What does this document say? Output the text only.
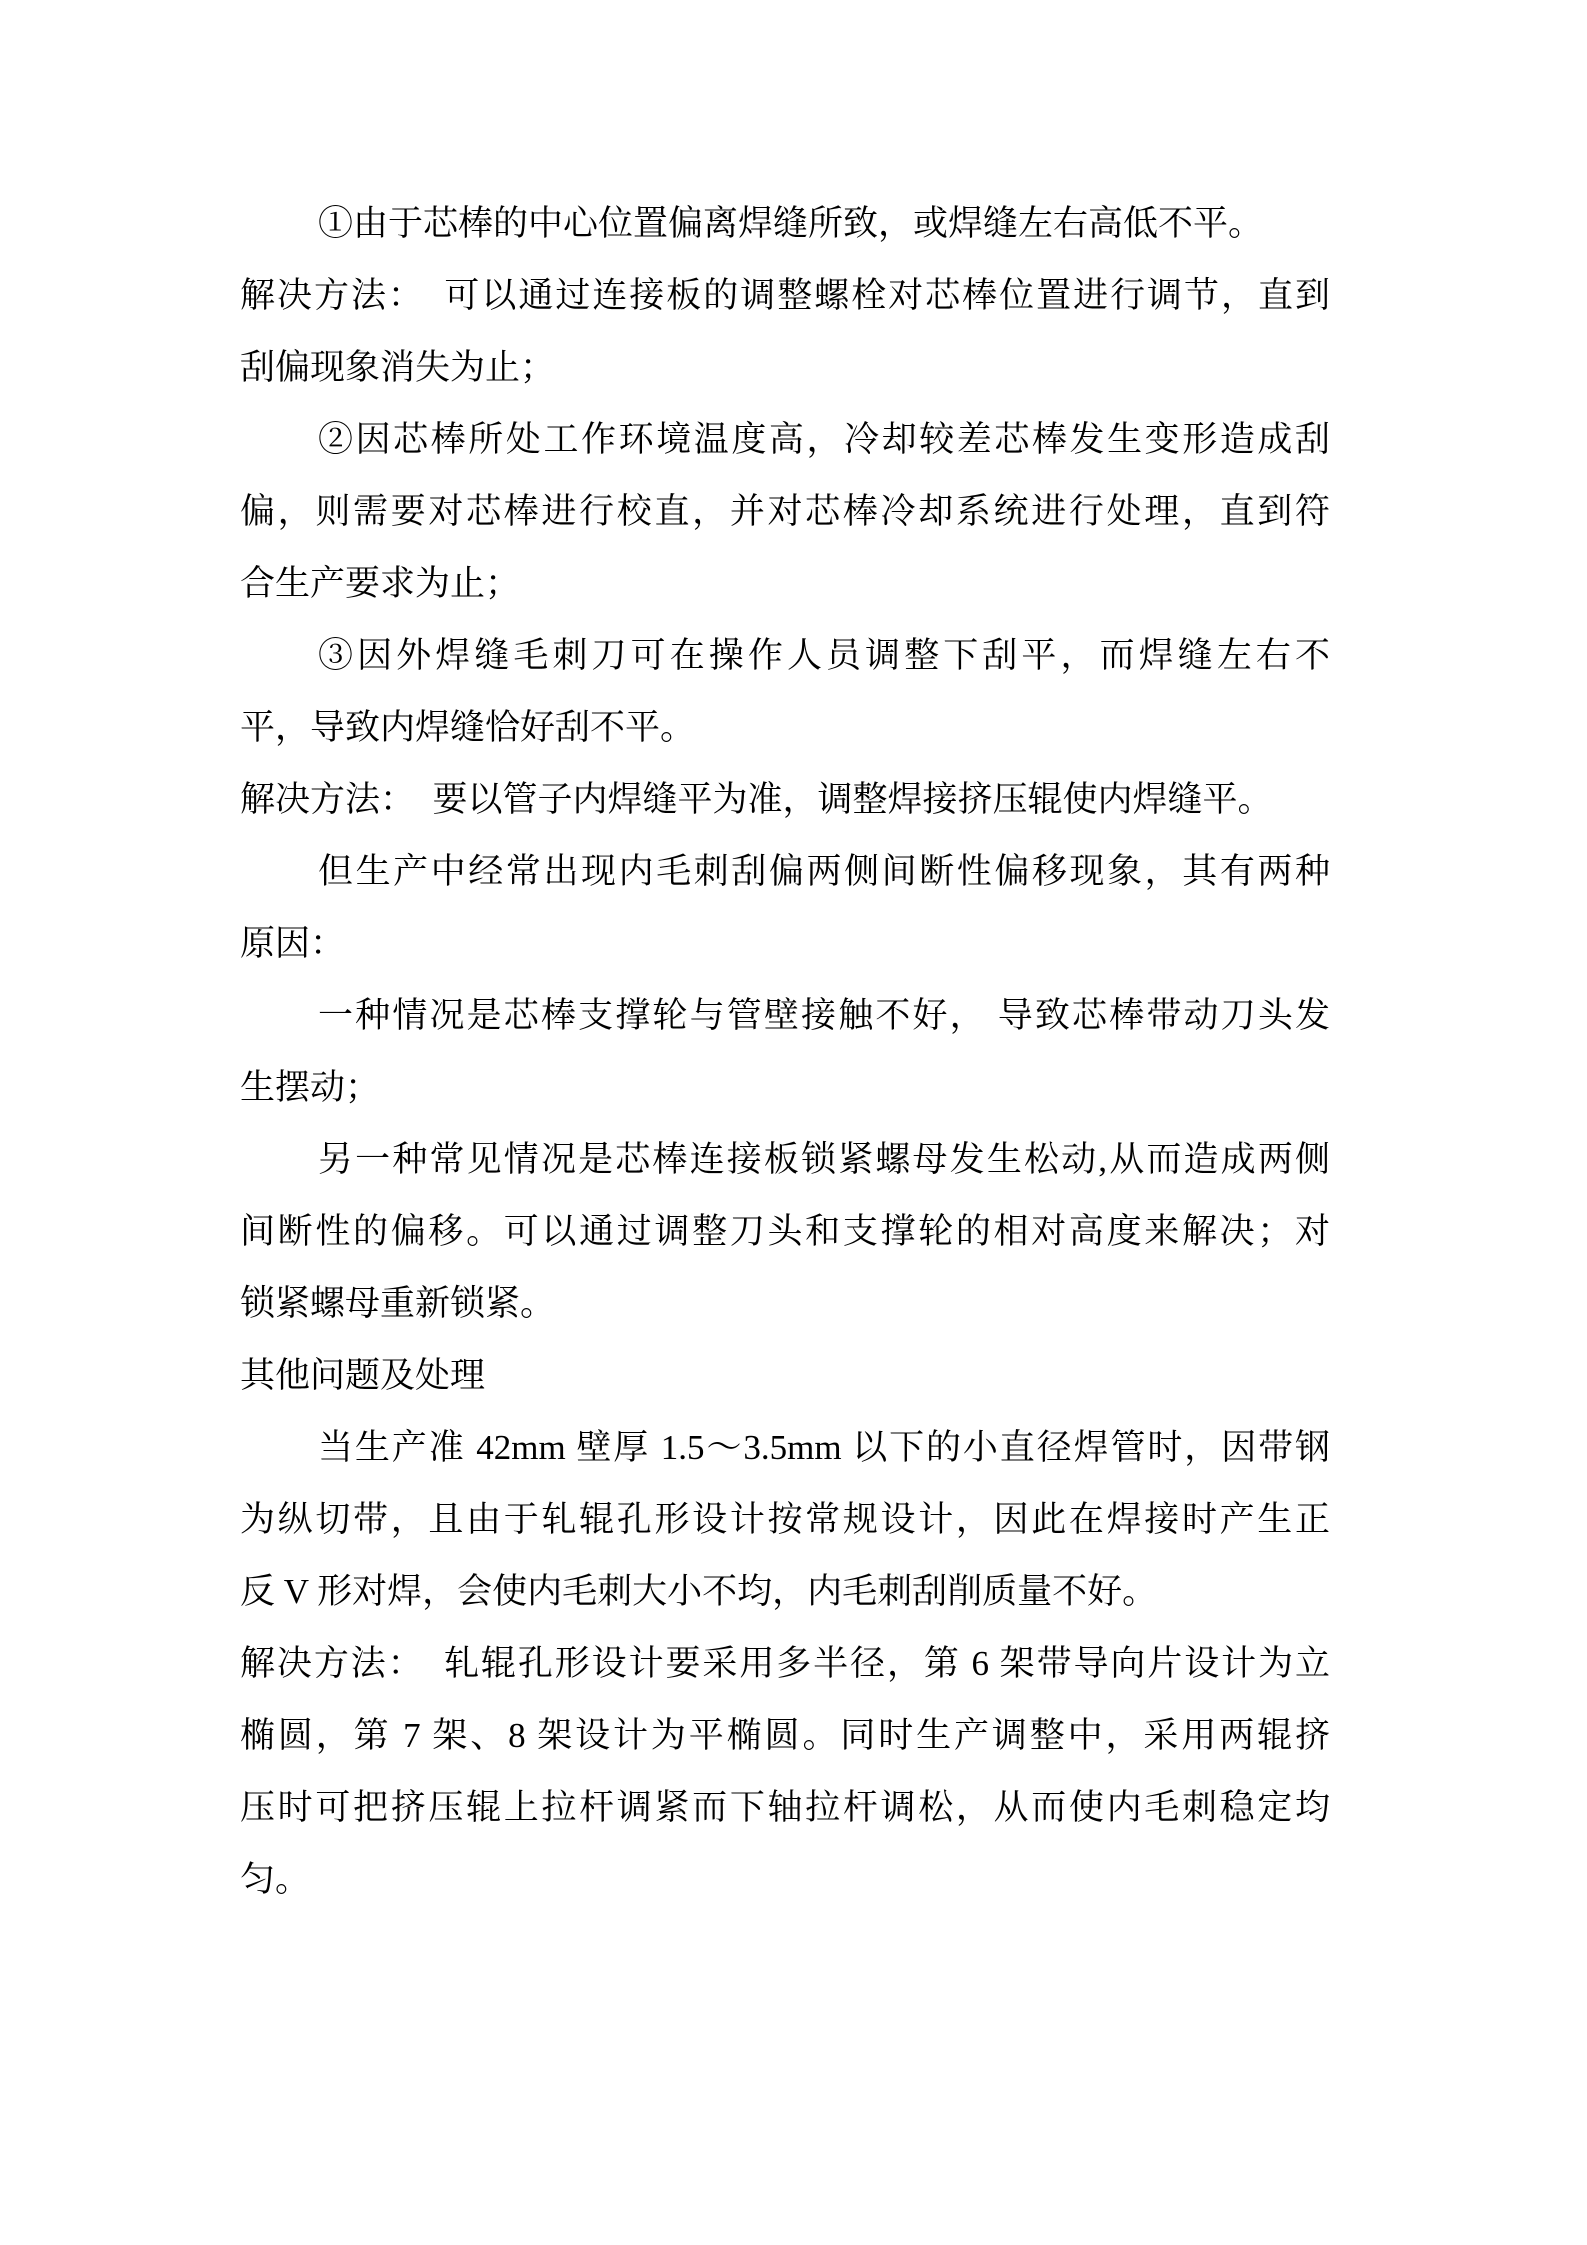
①由于芯棒的中心位置偏离焊缝所致，或焊缝左右高低不平。
解决方法：　可以通过连接板的调整螺栓对芯棒位置进行调节，直到
刮偏现象消失为止；
②因芯棒所处工作环境温度高，冷却较差芯棒发生变形造成刮
偏，则需要对芯棒进行校直，并对芯棒冷却系统进行处理，直到符
合生产要求为止；
③因外焊缝毛刺刀可在操作人员调整下刮平，而焊缝左右不
平，导致内焊缝恰好刮不平。
解决方法：　要以管子内焊缝平为准，调整焊接挤压辊使内焊缝平。
但生产中经常出现内毛刺刮偏两侧间断性偏移现象，其有两种
原因：
一种情况是芯棒支撑轮与管壁接触不好， 导致芯棒带动刀头发
生摆动；
另一种常见情况是芯棒连接板锁紧螺母发生松动,从而造成两侧
间断性的偏移。可以通过调整刀头和支撑轮的相对高度来解决；对
锁紧螺母重新锁紧。
其他问题及处理
当生产准 42mm 壁厚 1.5～3.5mm 以下的小直径焊管时，因带钢
为纵切带，且由于轧辊孔形设计按常规设计，因此在焊接时产生正
反 V 形对焊，会使内毛刺大小不均，内毛刺刮削质量不好。
解决方法：　轧辊孔形设计要采用多半径，第 6 架带导向片设计为立
椭圆，第 7 架、8 架设计为平椭圆。同时生产调整中，采用两辊挤
压时可把挤压辊上拉杆调紧而下轴拉杆调松，从而使内毛刺稳定均
匀。
